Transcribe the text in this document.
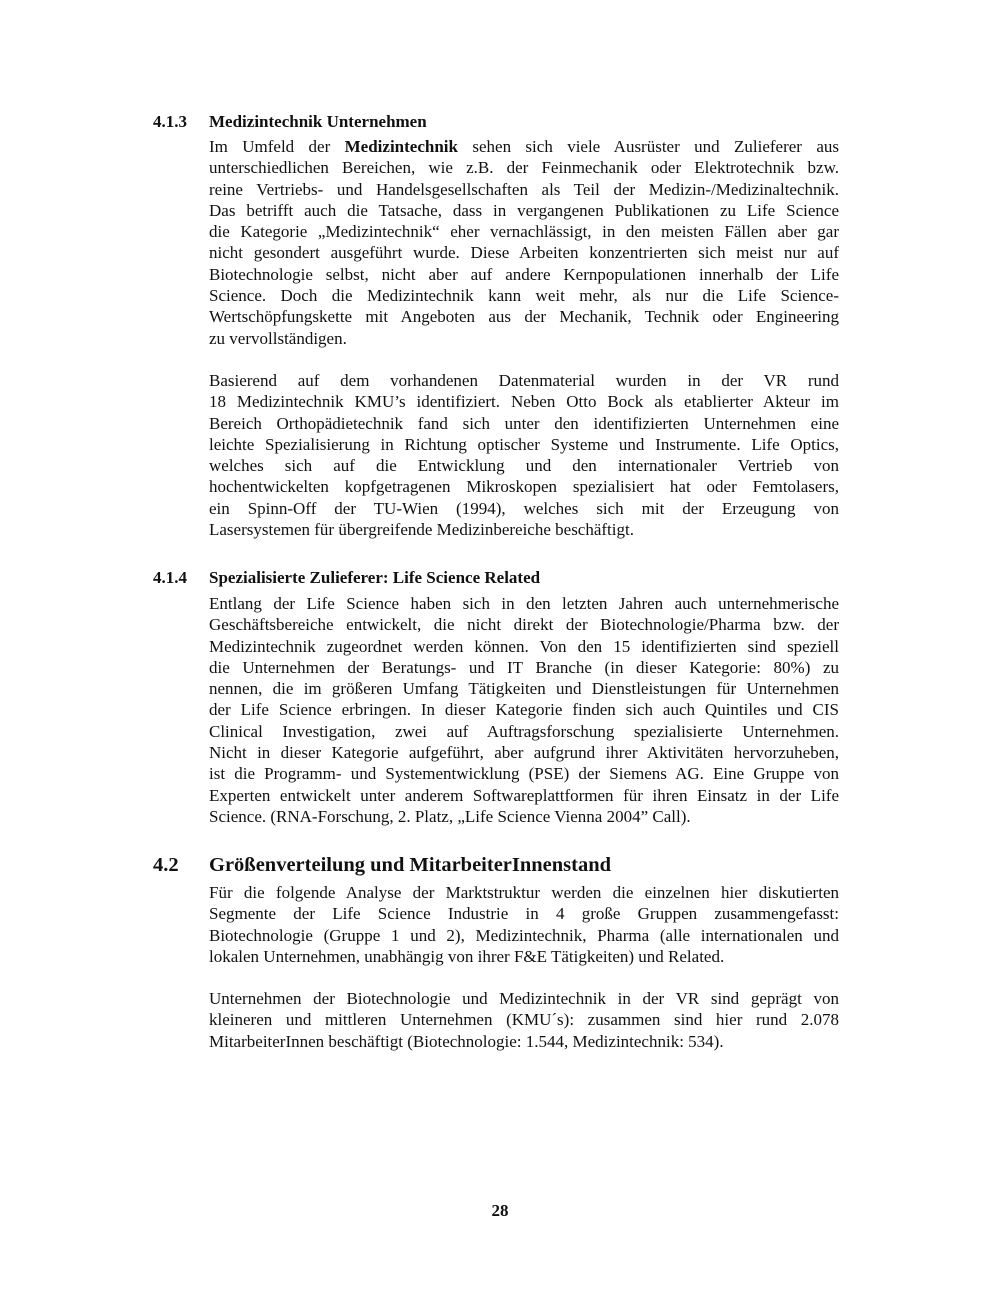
4.1.3 Medizintechnik Unternehmen

Im Umfeld der Medizintechnik sehen sich viele Ausrüster und Zulieferer aus
unterschiedlichen Bereichen, wie z.B. der Feinmechanik oder Elektrotechnik bzw.
reine Vertriebs- und Handelsgesellschaften als Teil der Medizin-/Medizinaltechnik.
Das betrifft auch die Tatsache, dass in vergangenen Publikationen zu Life Science
die Kategorie „Medizintechnik“ eher vernachlässigt, in den meisten Fällen aber gar
nicht gesondert ausgeführt wurde. Diese Arbeiten konzentrierten sich meist nur auf
Biotechnologie selbst, nicht aber auf andere Kernpopulationen innerhalb der Life
Science. Doch die Medizintechnik kann weit mehr, als nur die Life Science-
Wertschöpfungskette mit Angeboten aus der Mechanik, Technik oder Engineering
zu vervollständigen.

Basierend auf dem vorhandenen Datenmaterial wurden in der VR rund
18 Medizintechnik KMU’s identifiziert. Neben Otto Bock als etablierter Akteur im
Bereich Orthopädietechnik fand sich unter den identifizierten Unternehmen eine
leichte Spezialisierung in Richtung optischer Systeme und Instrumente. Life Optics,
welches sich auf die Entwicklung und den internationaler Vertrieb von
hochentwickelten kopfgetragenen Mikroskopen spezialisiert hat oder Femtolasers,
ein Spinn-Off der TU-Wien (1994), welches sich mit der Erzeugung von
Lasersystemen für übergreifende Medizinbereiche beschäftigt.

4.1.4 Spezialisierte Zulieferer: Life Science Related

Entlang der Life Science haben sich in den letzten Jahren auch unternehmerische
Geschäftsbereiche entwickelt, die nicht direkt der Biotechnologie/Pharma bzw. der
Medizintechnik zugeordnet werden können. Von den 15 identifizierten sind speziell
die Unternehmen der Beratungs- und IT Branche (in dieser Kategorie: 80%) zu
nennen, die im größeren Umfang Tätigkeiten und Dienstleistungen für Unternehmen
der Life Science erbringen. In dieser Kategorie finden sich auch Quintiles und CIS
Clinical Investigation, zwei auf Auftragsforschung spezialisierte Unternehmen.
Nicht in dieser Kategorie aufgeführt, aber aufgrund ihrer Aktivitäten hervorzuheben,
ist die Programm- und Systementwicklung (PSE) der Siemens AG. Eine Gruppe von
Experten entwickelt unter anderem Softwareplattformen für ihren Einsatz in der Life
Science. (RNA-Forschung, 2. Platz, „Life Science Vienna 2004” Call).

4.2 Größenverteilung und MitarbeiterInnenstand

Für die folgende Analyse der Marktstruktur werden die einzelnen hier diskutierten
Segmente der Life Science Industrie in 4 große Gruppen zusammengefasst:
Biotechnologie (Gruppe 1 und 2), Medizintechnik, Pharma (alle internationalen und
lokalen Unternehmen, unabhängig von ihrer F&E Tätigkeiten) und Related.

Unternehmen der Biotechnologie und Medizintechnik in der VR sind geprägt von
kleineren und mittleren Unternehmen (KMU´s): zusammen sind hier rund 2.078
MitarbeiterInnen beschäftigt (Biotechnologie: 1.544, Medizintechnik: 534).

28
